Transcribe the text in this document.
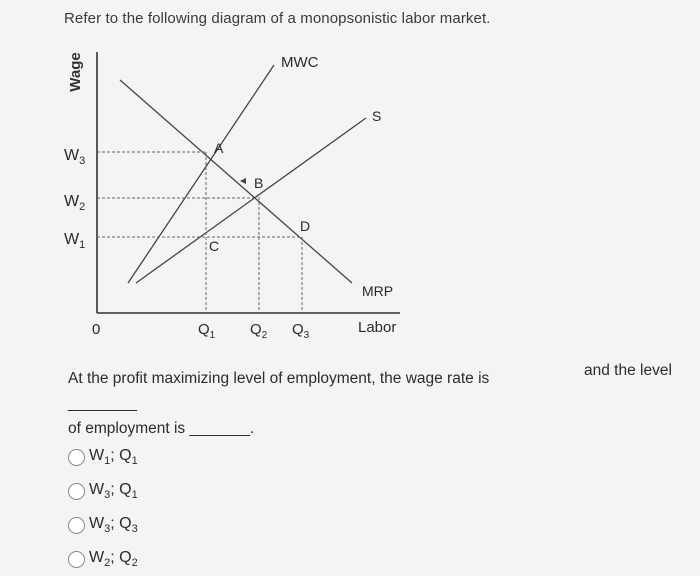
Refer to the following diagram of a monopsonistic labor market.
Wage
$W_3$
$W_2$
$W_1$
0	$Q_1$ $Q_2$ $Q_3$	Labor
MWC
S
MRP
A
B
C
D
At the profit maximizing level of employment, the wage rate is ________
of employment is _______.
and the level
$W_1$; $Q_1$
$W_3$; $Q_1$
$W_3$; $Q_3$
$W_2$; $Q_2$
